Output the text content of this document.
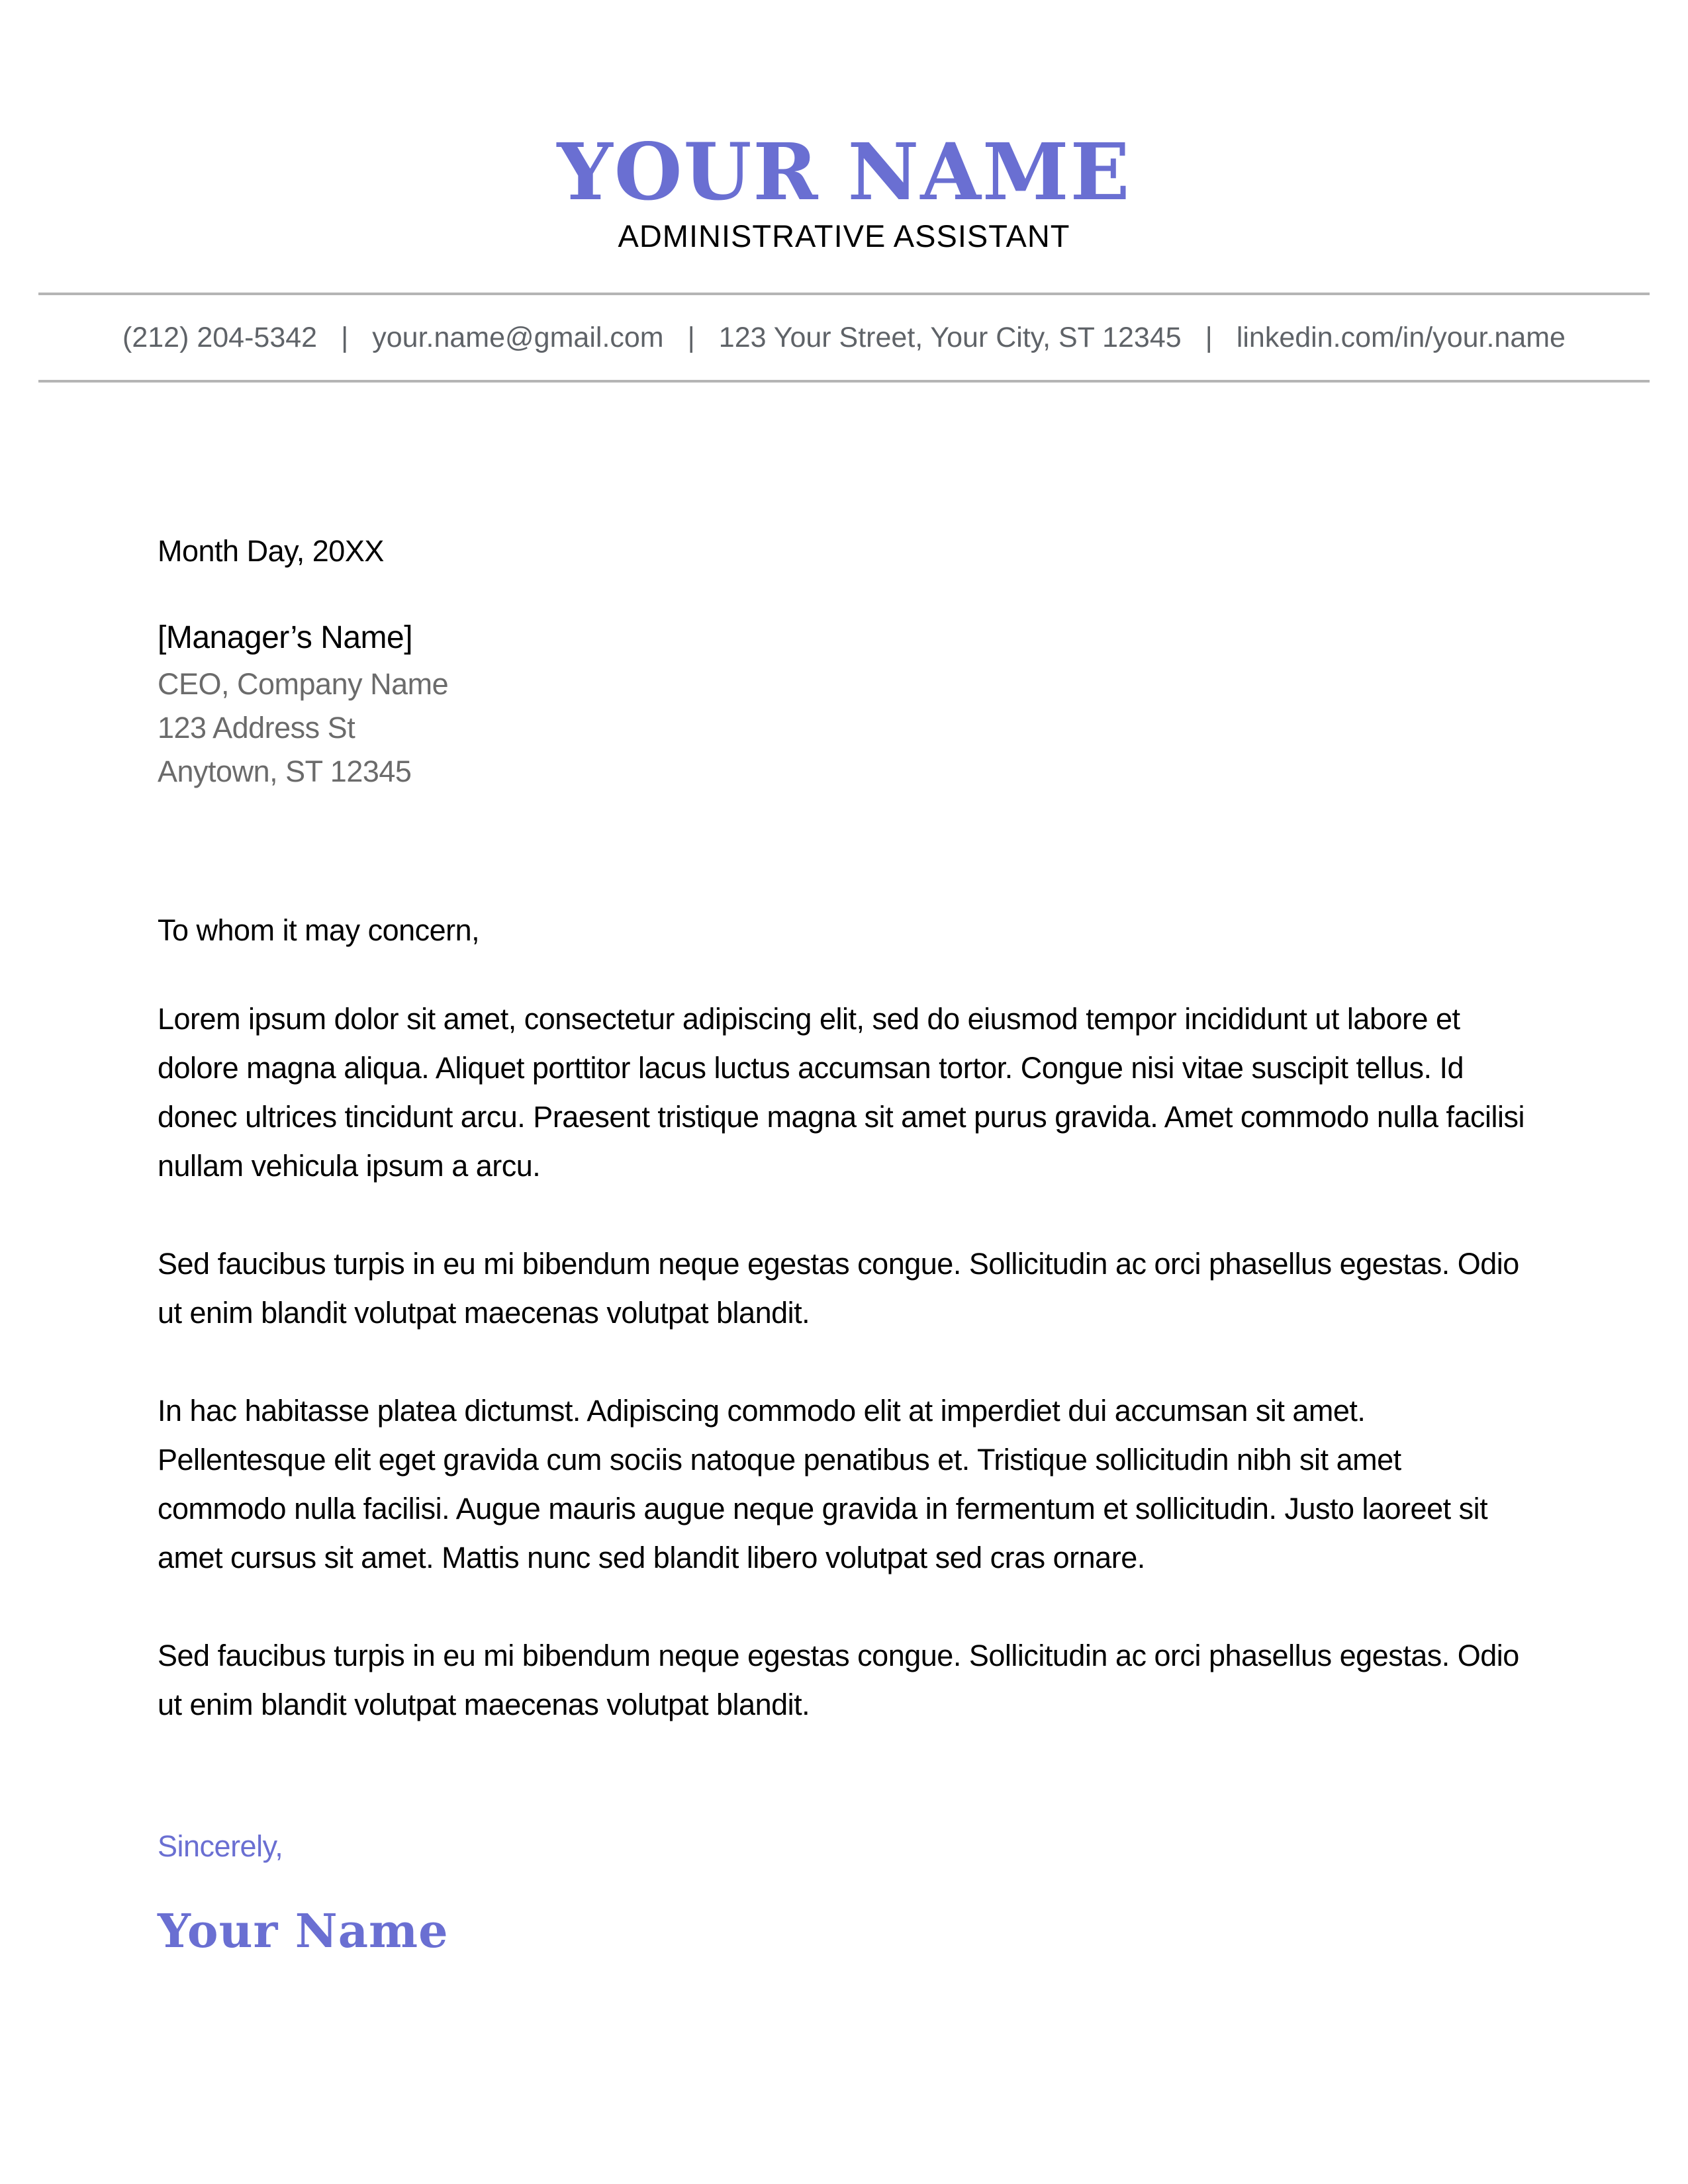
YOUR NAME
ADMINISTRATIVE ASSISTANT
(212) 204-5342 | your.name@gmail.com | 123 Your Street, Your City, ST 12345 | linkedin.com/in/your.name

Month Day, 20XX

[Manager’s Name]

CEO, Company Name

123 Address St

Anytown, ST 12345

To whom it may concern,

Lorem ipsum dolor sit amet, consectetur adipiscing elit, sed do eiusmod tempor incididunt ut labore et dolore magna aliqua. Aliquet porttitor lacus luctus accumsan tortor. Congue nisi vitae suscipit tellus. Id donec ultrices tincidunt arcu. Praesent tristique magna sit amet purus gravida. Amet commodo nulla facilisi nullam vehicula ipsum a arcu.

Sed faucibus turpis in eu mi bibendum neque egestas congue. Sollicitudin ac orci phasellus egestas. Odio ut enim blandit volutpat maecenas volutpat blandit.

In hac habitasse platea dictumst. Adipiscing commodo elit at imperdiet dui accumsan sit amet. Pellentesque elit eget gravida cum sociis natoque penatibus et. Tristique sollicitudin nibh sit amet commodo nulla facilisi. Augue mauris augue neque gravida in fermentum et sollicitudin. Justo laoreet sit amet cursus sit amet. Mattis nunc sed blandit libero volutpat sed cras ornare.

Sed faucibus turpis in eu mi bibendum neque egestas congue. Sollicitudin ac orci phasellus egestas. Odio ut enim blandit volutpat maecenas volutpat blandit.

Sincerely,

Your Name
